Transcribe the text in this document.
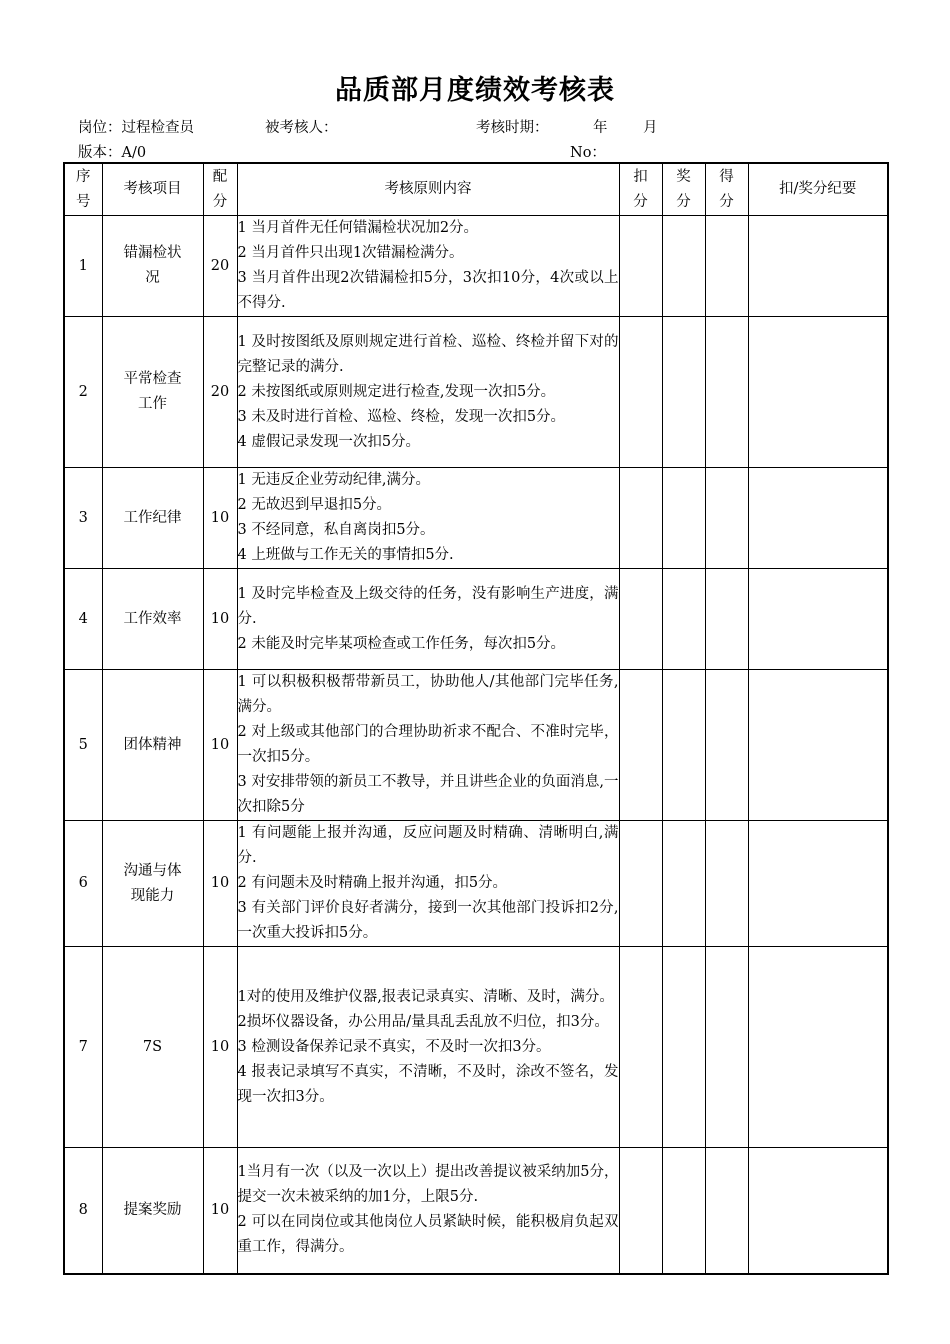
品质部月度绩效考核表
岗位：过程检查员	被考核人：	考核时期：	年 月
版本：A/0	No：
序号	考核项目	配分	考核原则内容	扣分	奖分	得分	扣/奖分纪要
1	错漏检状况	20	1 当月首件无任何错漏检状况加2分。
2 当月首件只出现1次错漏检满分。
3 当月首件出现2次错漏检扣5分，3次扣10分，4次或以上不得分.				

2	平常检查工作	20	1 及时按图纸及原则规定进行首检、巡检、终检并留下对的完整记录的满分.
2 未按图纸或原则规定进行检查,发现一次扣5分。
3 未及时进行首检、巡检、终检，发现一次扣5分。
4 虚假记录发现一次扣5分。				

3	工作纪律	10	1 无违反企业劳动纪律,满分。
2 无故迟到早退扣5分。
3 不经同意，私自离岗扣5分。
4 上班做与工作无关的事情扣5分.				

4	工作效率	10	1 及时完毕检查及上级交待的任务，没有影响生产进度，满分.
2 未能及时完毕某项检查或工作任务，每次扣5分。				

5	团体精神	10	1 可以积极积极帮带新员工，协助他人/其他部门完毕任务,满分。
2 对上级或其他部门的合理协助祈求不配合、不准时完毕，一次扣5分。
3 对安排带领的新员工不教导，并且讲些企业的负面消息,一次扣除5分				

6	沟通与体现能力	10	1 有问题能上报并沟通，反应问题及时精确、清晰明白,满分.
2 有问题未及时精确上报并沟通，扣5分。
3 有关部门评价良好者满分，接到一次其他部门投诉扣2分,一次重大投诉扣5分。				

7	7S	10	1对的使用及维护仪器,报表记录真实、清晰、及时，满分。
2损坏仪器设备，办公用品/量具乱丢乱放不归位，扣3分。
3 检测设备保养记录不真实，不及时一次扣3分。
4 报表记录填写不真实，不清晰，不及时，涂改不签名，发现一次扣3分。				

8	提案奖励	10	1当月有一次（以及一次以上）提出改善提议被采纳加5分，提交一次未被采纳的加1分，上限5分.
2 可以在同岗位或其他岗位人员紧缺时候，能积极肩负起双重工作，得满分。				
